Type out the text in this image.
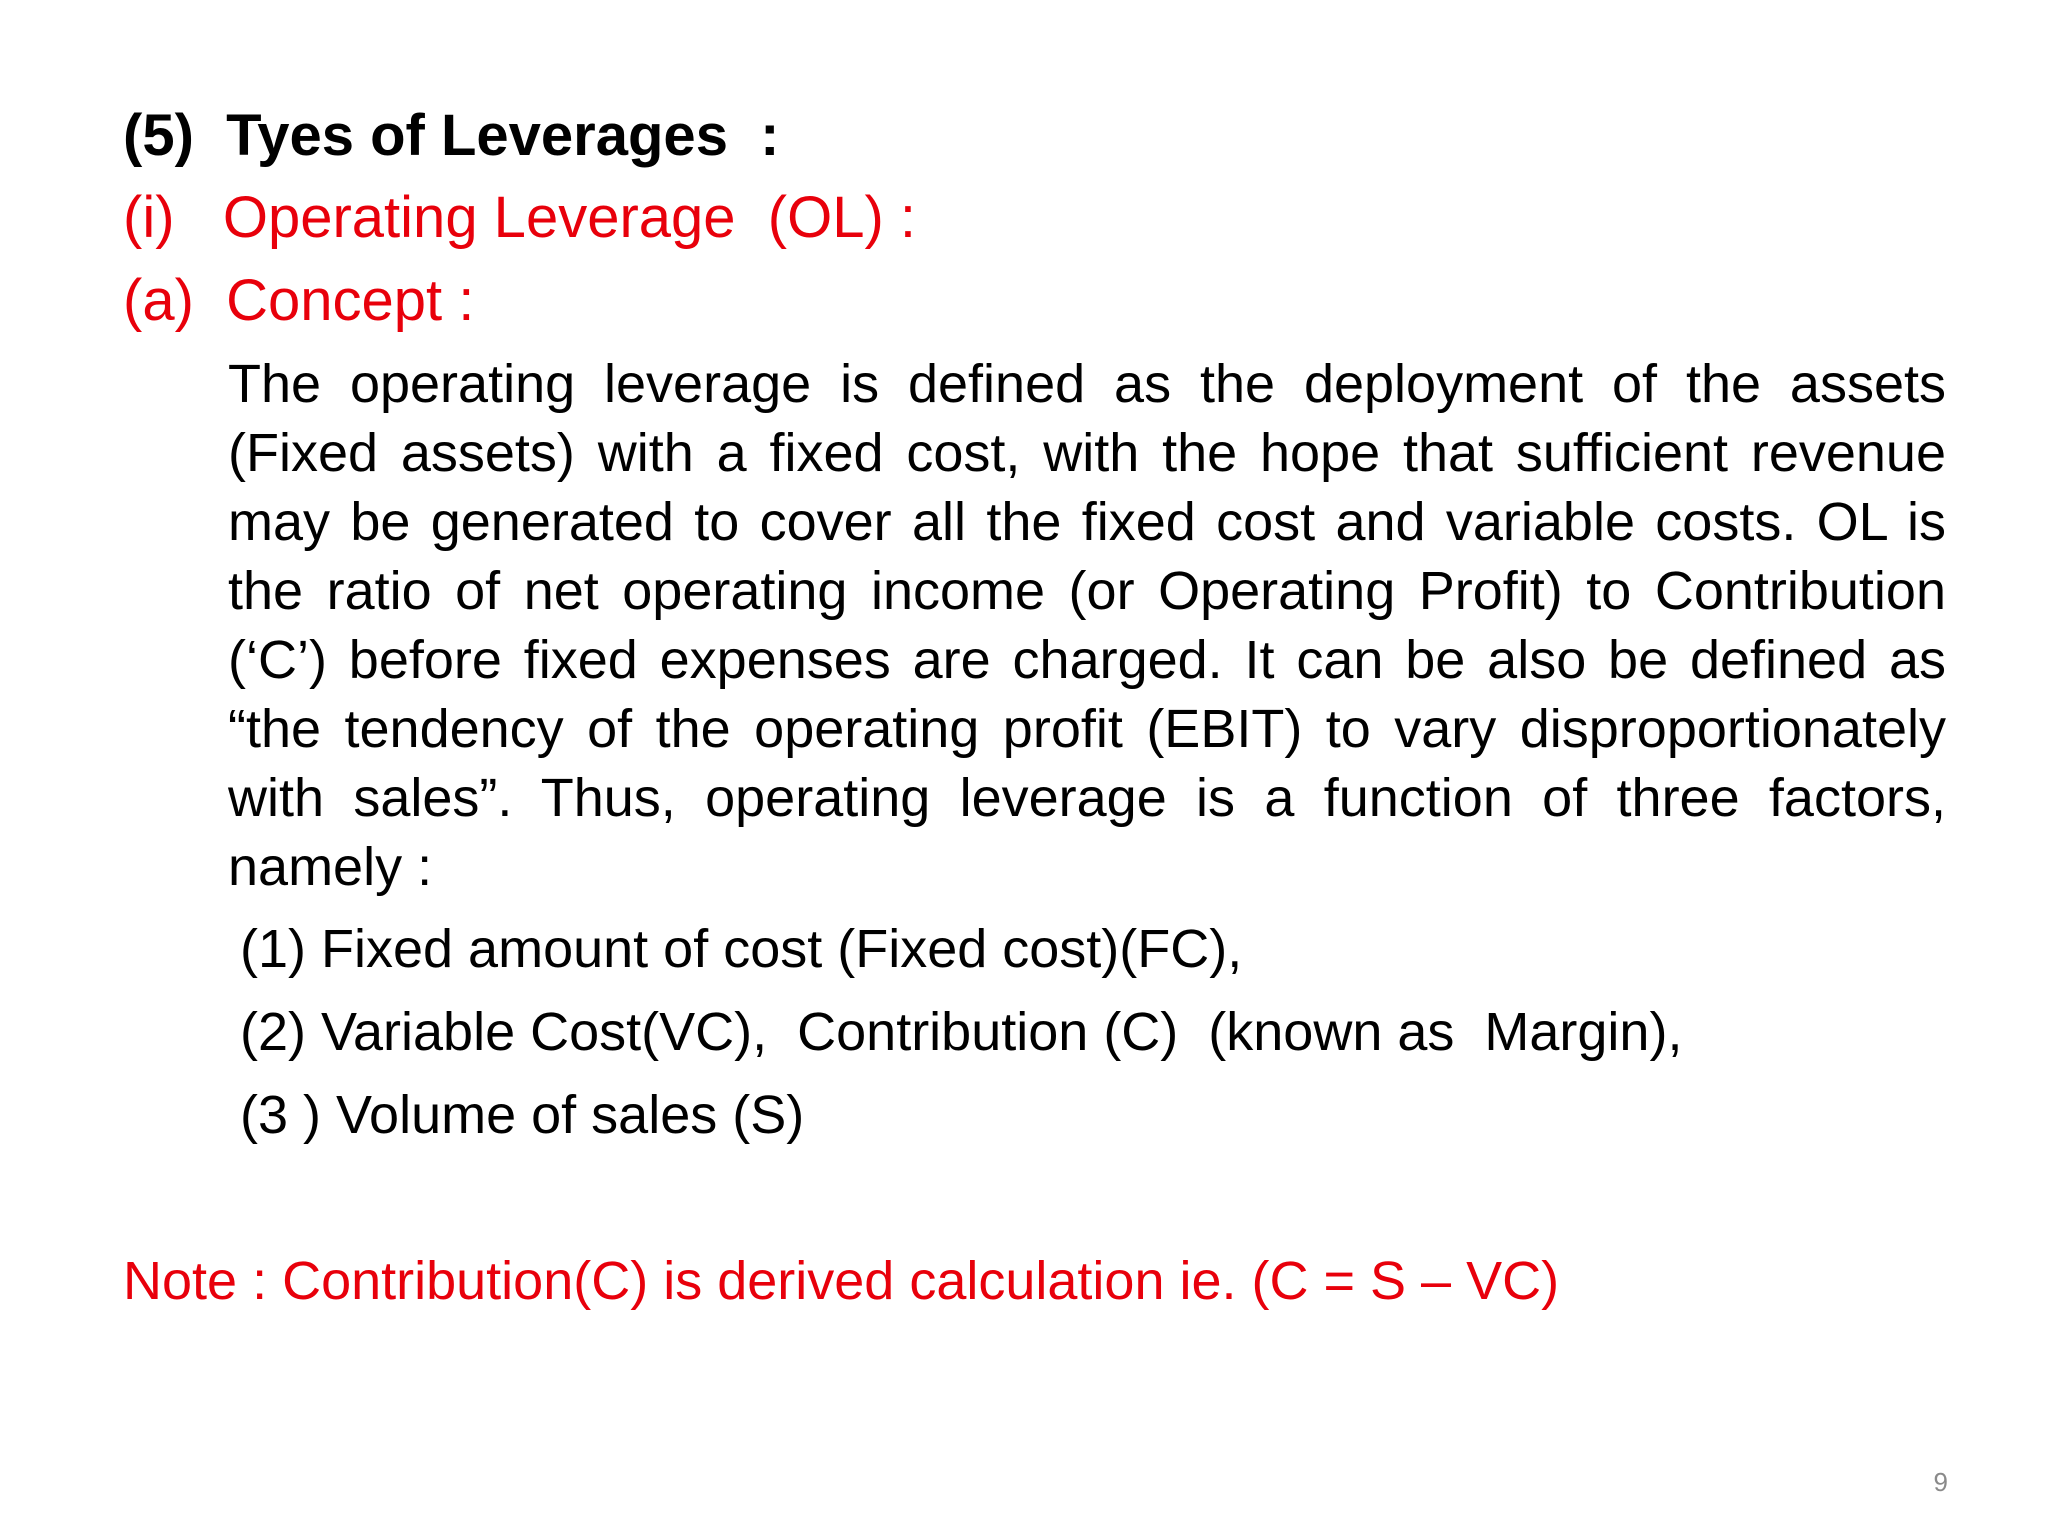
(5)  Tyes of Leverages  :
(i)   Operating Leverage  (OL) :
(a)  Concept :

The operating leverage is defined as the deployment of the assets (Fixed assets) with a fixed cost, with the hope that sufficient revenue may be generated to cover all the fixed cost and variable costs. OL is the ratio of net operating income (or Operating Profit) to Contribution (‘C’) before fixed expenses are charged. It can be also be defined as “the tendency of the operating profit (EBIT) to vary disproportionately with sales”. Thus, operating leverage is a function of three factors, namely :

(1) Fixed amount of cost (Fixed cost)(FC),
(2) Variable Cost(VC),  Contribution (C)  (known as  Margin),
(3 ) Volume of sales (S)
Note : Contribution(C) is derived calculation ie. (C = S – VC)
9
